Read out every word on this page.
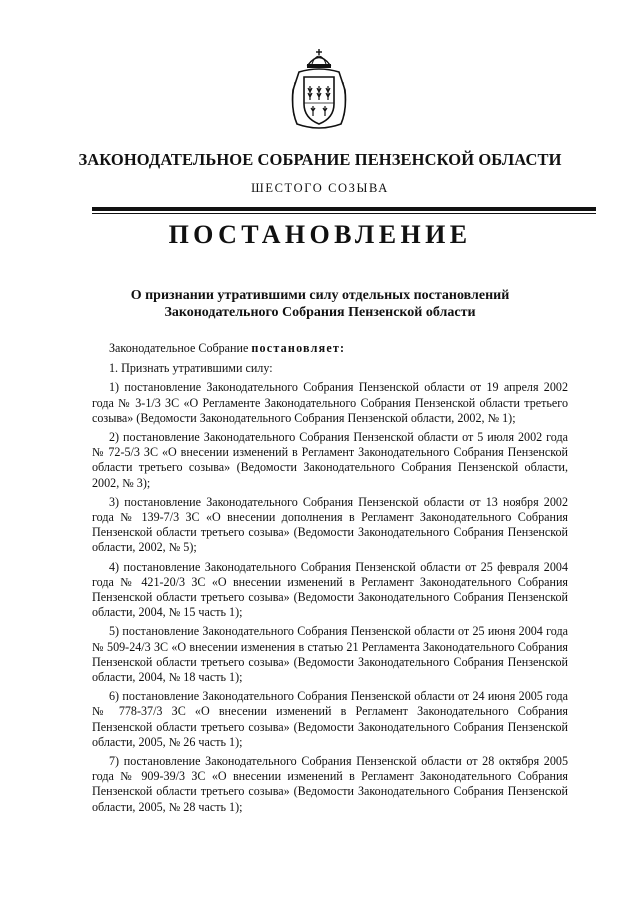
ЗАКОНОДАТЕЛЬНОЕ СОБРАНИЕ ПЕНЗЕНСКОЙ ОБЛАСТИ
ШЕСТОГО СОЗЫВА
ПОСТАНОВЛЕНИЕ
О признании утратившими силу отдельных постановлений
Законодательного Собрания Пензенской области

Законодательное Собрание постановляет:

1. Признать утратившими силу:

1) постановление Законодательного Собрания Пензенской области от 19 апреля 2002 года № 3-1/3 ЗС «О Регламенте Законодательного Собрания Пензенской области третьего созыва» (Ведомости Законодательного Собрания Пензенской области, 2002, № 1);

2) постановление Законодательного Собрания Пензенской области от 5 июля 2002 года № 72-5/3 ЗС «О внесении изменений в Регламент Законодательного Собрания Пензенской области третьего созыва» (Ведомости Законодательного Собрания Пензенской области, 2002, № 3);

3) постановление Законодательного Собрания Пензенской области от 13 ноября 2002 года № 139-7/3 ЗС «О внесении дополнения в Регламент Законодательного Собрания Пензенской области третьего созыва» (Ведомости Законодательного Собрания Пензенской области, 2002, № 5);

4) постановление Законодательного Собрания Пензенской области от 25 февраля 2004 года № 421-20/3 ЗС «О внесении изменений в Регламент Законодательного Собрания Пензенской области третьего созыва» (Ведомости Законодательного Собрания Пензенской области, 2004, № 15 часть 1);

5) постановление Законодательного Собрания Пензенской области от 25 июня 2004 года № 509-24/3 ЗС «О внесении изменения в статью 21 Регламента Законодательного Собрания Пензенской области третьего созыва» (Ведомости Законодательного Собрания Пензенской области, 2004, № 18 часть 1);

6) постановление Законодательного Собрания Пензенской области от 24 июня 2005 года № 778-37/3 ЗС «О внесении изменений в Регламент Законодательного Собрания Пензенской области третьего созыва» (Ведомости Законодательного Собрания Пензенской области, 2005, № 26 часть 1);

7) постановление Законодательного Собрания Пензенской области от 28 октября 2005 года № 909-39/3 ЗС «О внесении изменений в Регламент Законодательного Собрания Пензенской области третьего созыва» (Ведомости Законодательного Собрания Пензенской области, 2005, № 28 часть 1);
